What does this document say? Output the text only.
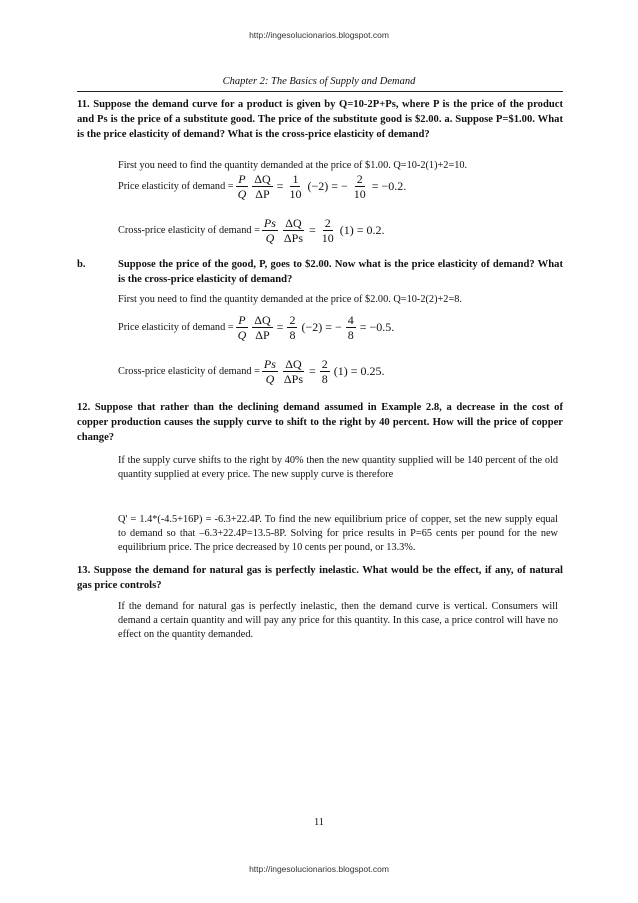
http://ingesolucionarios.blogspot.com
Chapter 2: The Basics of Supply and Demand
11. Suppose the demand curve for a product is given by Q=10-2P+Ps, where P is the price of the product and Ps is the price of a substitute good. The price of the substitute good is $2.00. a. Suppose P=$1.00. What is the price elasticity of demand? What is the cross-price elasticity of demand?
First you need to find the quantity demanded at the price of $1.00. Q=10-2(1)+2=10.
Price elasticity of demand = $\frac{P}{Q} \frac{\Delta Q}{\Delta P} = \frac{1}{10} (-2)$ = − $\frac{2}{10} = -0.2$.
Cross-price elasticity of demand = $\frac{Ps}{Q} \frac{\Delta Q}{\text{ΔPs}} = \frac{2}{10} (1) = 0.2$.
b.	Suppose the price of the good, P, goes to $2.00. Now what is the price elasticity of demand? What is the cross-price elasticity of demand?
First you need to find the quantity demanded at the price of $2.00. Q=10-2(2)+2=8.
Price elasticity of demand = $\frac{P}{Q} \frac{\Delta Q}{\Delta P} = \frac{2}{8} (-2)$ = − $\frac{4}{8} = -0.5$.
Cross-price elasticity of demand = $\frac{Ps}{Q} \frac{\Delta Q}{\text{ΔPs}} = \frac{2}{8} (1) = 0.25$.
12. Suppose that rather than the declining demand assumed in Example 2.8, a decrease in the cost of copper production causes the supply curve to shift to the right by 40 percent. How will the price of copper change?
If the supply curve shifts to the right by 40% then the new quantity supplied will be 140 percent of the old quantity supplied at every price. The new supply curve is therefore
Q' = 1.4*(-4.5+16P) = -6.3+22.4P. To find the new equilibrium price of copper, set the new supply equal to demand so that –6.3+22.4P=13.5-8P. Solving for price results in P=65 cents per pound for the new equilibrium price. The price decreased by 10 cents per pound, or 13.3%.
13. Suppose the demand for natural gas is perfectly inelastic. What would be the effect, if any, of natural gas price controls?
If the demand for natural gas is perfectly inelastic, then the demand curve is vertical. Consumers will demand a certain quantity and will pay any price for this quantity. In this case, a price control will have no effect on the quantity demanded.
11
http://ingesolucionarios.blogspot.com
